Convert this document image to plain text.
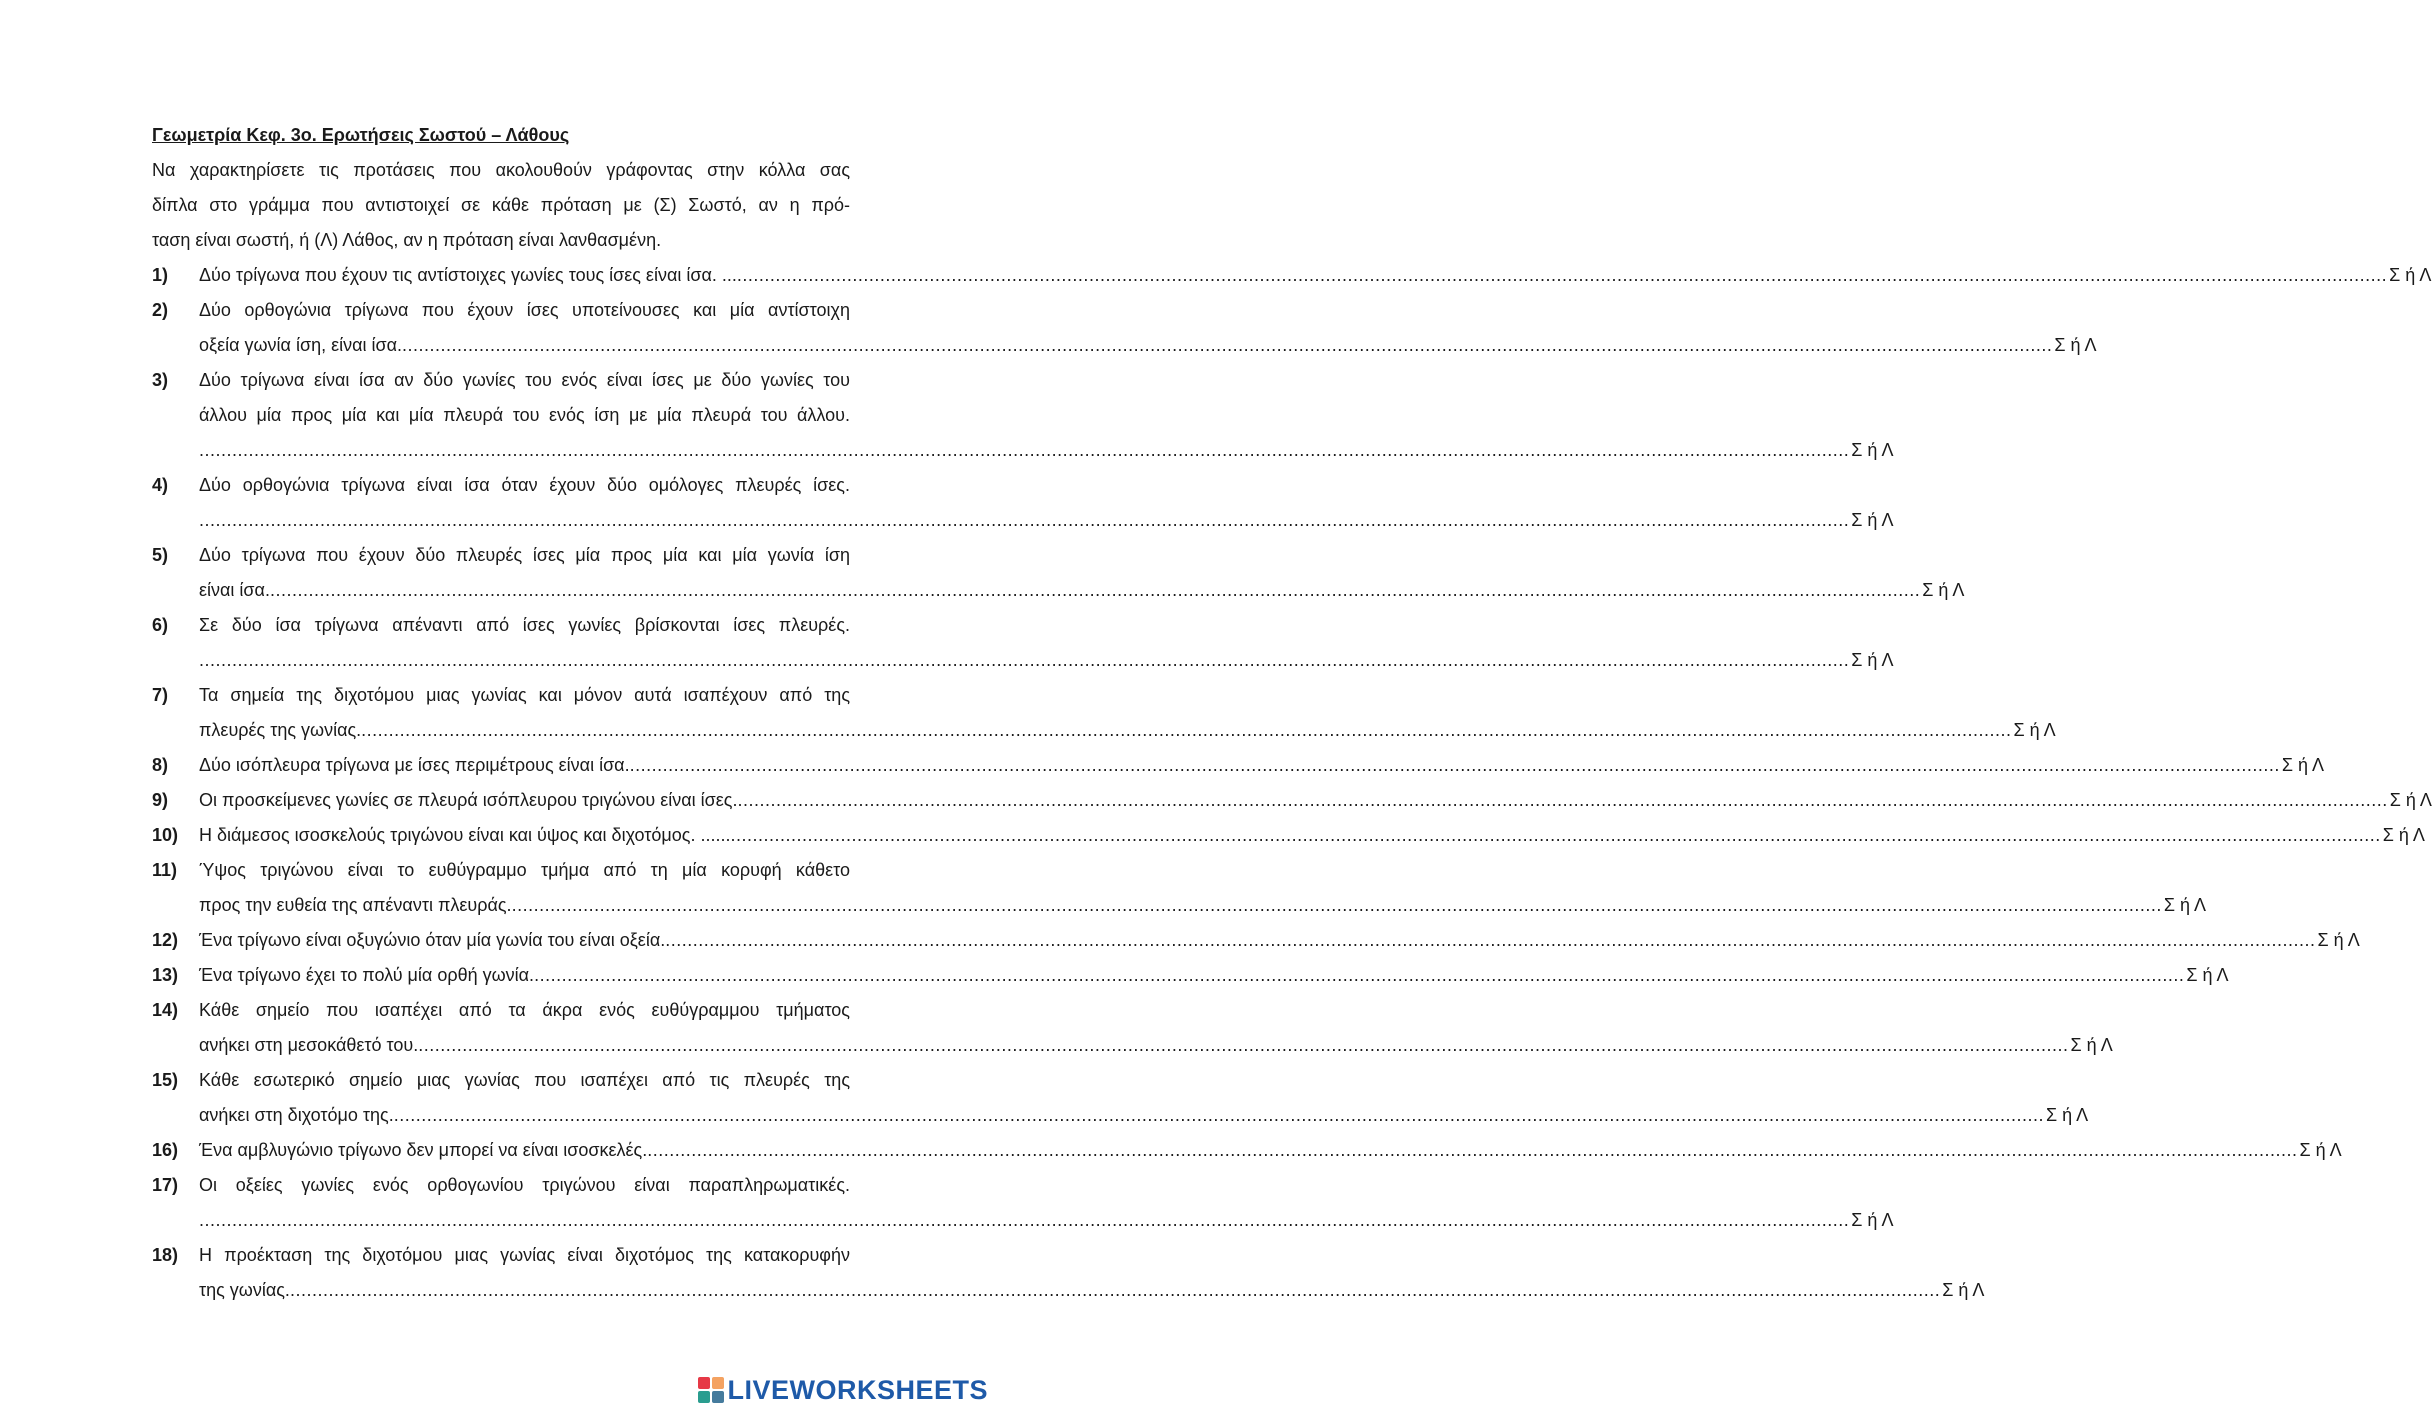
Γεωμετρία Κεφ. 3ο. Ερωτήσεις Σωστού – Λάθους
Να χαρακτηρίσετε τις προτάσεις που ακολουθούν γράφοντας στην κόλλα σας
δίπλα στο γράμμα που αντιστοιχεί σε κάθε πρόταση με (Σ) Σωστό, αν η πρό-
ταση είναι σωστή, ή (Λ) Λάθος, αν η πρόταση είναι λανθασμένη.
1) Δύο τρίγωνα που έχουν τις αντίστοιχες γωνίες τους ίσες είναι ίσα. ... ............................................................................................................................................................................................................................................................................................................ Σ ή Λ
2) Δύο ορθογώνια τρίγωνα που έχουν ίσες υποτείνουσες και μία αντίστοιχη
οξεία γωνία ίση, είναι ίσα. ............................................................................................................................................................................................................................................................................................................ Σ ή Λ
3) Δύο τρίγωνα είναι ίσα αν δύο γωνίες του ενός είναι ίσες με δύο γωνίες του
άλλου μία προς μία και μία πλευρά του ενός ίση με μία πλευρά του άλλου.
............................................................................................................................................................................................................................................................................................................ Σ ή Λ
4) Δύο ορθογώνια τρίγωνα είναι ίσα όταν έχουν δύο ομόλογες πλευρές ίσες.
............................................................................................................................................................................................................................................................................................................ Σ ή Λ
5) Δύο τρίγωνα που έχουν δύο πλευρές ίσες μία προς μία και μία γωνία ίση
είναι ίσα. ............................................................................................................................................................................................................................................................................................................ Σ ή Λ
6) Σε δύο ίσα τρίγωνα απέναντι από ίσες γωνίες βρίσκονται ίσες πλευρές.
............................................................................................................................................................................................................................................................................................................ Σ ή Λ
7) Τα σημεία της διχοτόμου μιας γωνίας και μόνον αυτά ισαπέχουν από της
πλευρές της γωνίας. ............................................................................................................................................................................................................................................................................................................ Σ ή Λ
8) Δύο ισόπλευρα τρίγωνα με ίσες περιμέτρους είναι ίσα. ............................................................................................................................................................................................................................................................................................................ Σ ή Λ
9) Οι προσκείμενες γωνίες σε πλευρά ισόπλευρου τριγώνου είναι ίσες. ............................................................................................................................................................................................................................................................................................................ Σ ή Λ
10) Η διάμεσος ισοσκελούς τριγώνου είναι και ύψος και διχοτόμος. ...... ............................................................................................................................................................................................................................................................................................................ Σ ή Λ
11) Ύψος τριγώνου είναι το ευθύγραμμο τμήμα από τη μία κορυφή κάθετο
προς την ευθεία της απέναντι πλευράς. ............................................................................................................................................................................................................................................................................................................ Σ ή Λ
12) Ένα τρίγωνο είναι οξυγώνιο όταν μία γωνία του είναι οξεία. ............................................................................................................................................................................................................................................................................................................ Σ ή Λ
13) Ένα τρίγωνο έχει το πολύ μία ορθή γωνία. ............................................................................................................................................................................................................................................................................................................ Σ ή Λ
14) Κάθε σημείο που ισαπέχει από τα άκρα ενός ευθύγραμμου τμήματος
ανήκει στη μεσοκάθετό του. ............................................................................................................................................................................................................................................................................................................ Σ ή Λ
15) Κάθε εσωτερικό σημείο μιας γωνίας που ισαπέχει από τις πλευρές της
ανήκει στη διχοτόμο της. ............................................................................................................................................................................................................................................................................................................ Σ ή Λ
16) Ένα αμβλυγώνιο τρίγωνο δεν μπορεί να είναι ισοσκελές. ............................................................................................................................................................................................................................................................................................................ Σ ή Λ
17) Οι οξείες γωνίες ενός ορθογωνίου τριγώνου είναι παραπληρωματικές.
............................................................................................................................................................................................................................................................................................................ Σ ή Λ
18) Η προέκταση της διχοτόμου μιας γωνίας είναι διχοτόμος της κατακορυφήν
της γωνίας. ............................................................................................................................................................................................................................................................................................................ Σ ή Λ
LIVEWORKSHEETS
